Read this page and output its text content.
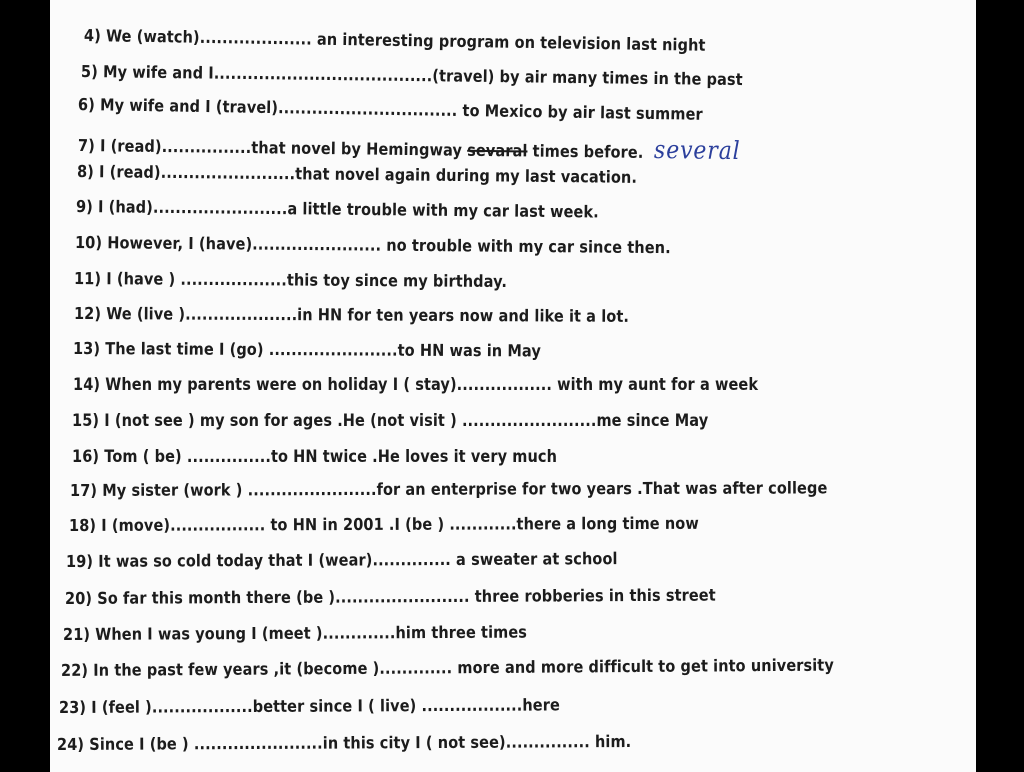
4) We (watch).................... an interesting program on television last night
5) My wife and I.......................................(travel) by air many times in the past
6) My wife and I (travel)................................ to Mexico by air last summer
7) I (read)................that novel by Hemingway sevaral times before. several
8) I (read)........................that novel again during my last vacation.
9) I (had)........................a little trouble with my car last week.
10) However, I (have)....................... no trouble with my car since then.
11) I (have ) ...................this toy since my birthday.
12) We (live )....................in HN for ten years now and like it a lot.
13) The last time I (go) .......................to HN was in May
14) When my parents were on holiday I ( stay)................. with my aunt for a week
15) I (not see ) my son for ages .He (not visit ) ........................me since May
16) Tom ( be) ...............to HN twice .He loves it very much
17) My sister (work ) .......................for an enterprise for two years .That was after college
18) I (move)................. to HN in 2001 .I (be ) ............there a long time now
19) It was so cold today that I (wear).............. a sweater at school
20) So far this month there (be )........................ three robberies in this street
21) When I was young I (meet ).............him three times
22) In the past few years ,it (become )............. more and more difficult to get into university
23) I (feel )..................better since I ( live) ..................here
24) Since I (be ) .......................in this city I ( not see)............... him.
